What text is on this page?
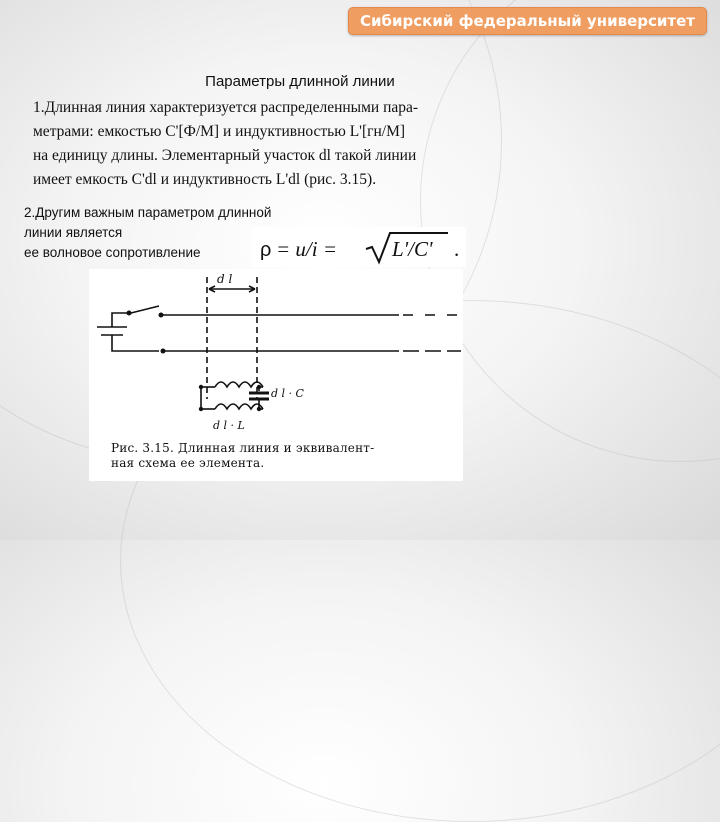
Сибирский федеральный университет
Параметры длинной линии
1.Длинная линия характеризуется распределенными пара-
метрами: емкостью С'[Ф/М] и индуктивностью L'[гн/М]
на единицу длины. Элементарный участок dl такой линии
имеет емкость C'dl и индуктивность L'dl (рис. 3.15).
2.Другим важным параметром длинной
линии является
ее волновое сопротивление	ρ = u/i =	L'/C' .
d l
d l · C
d l · L
Рис. 3.15. Длинная линия и эквивалент-
ная схема ее элемента.
